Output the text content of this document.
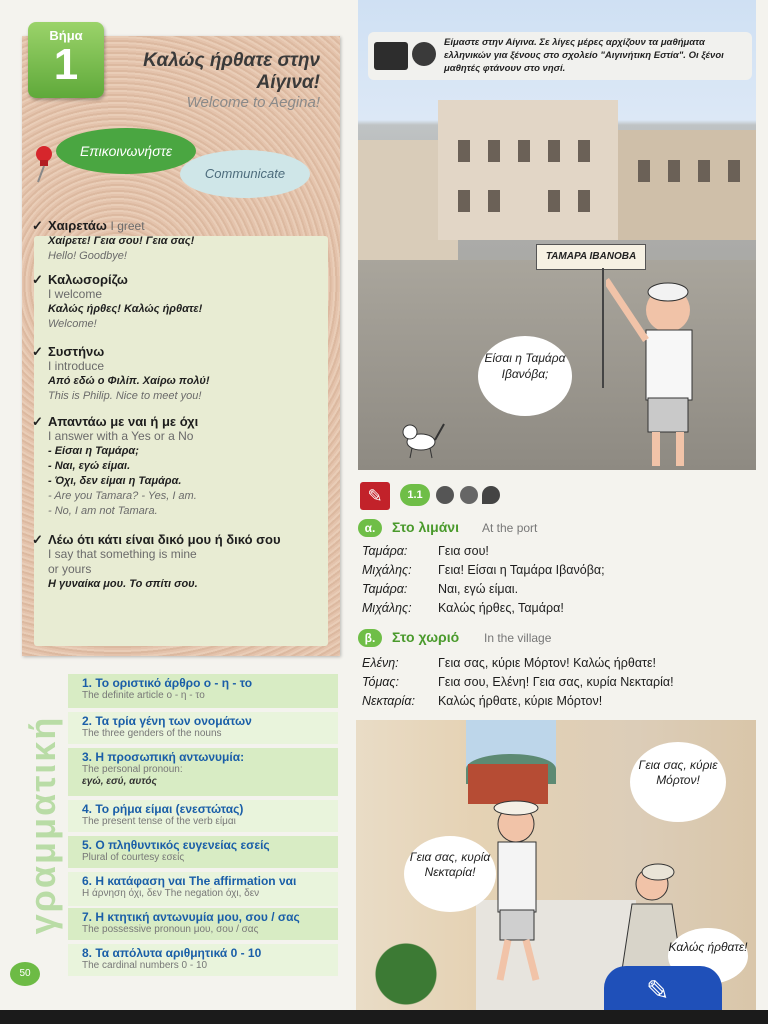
Βήμα
1	Καλώς ήρθατε στην Αίγινα!
Welcome to Aegina!
Επικοινωνήστε
Communicate
✓ Χαιρετάω I greet
Χαίρετε! Γεια σου! Γεια σας!
Hello! Goodbye!
✓ Καλωσορίζω
I welcome
Καλώς ήρθες! Καλώς ήρθατε!
Welcome!
✓ Συστήνω
I introduce
Από εδώ ο Φιλίπ. Χαίρω πολύ!
This is Philip. Nice to meet you!
✓ Απαντάω με ναι ή με όχι
I answer with a Yes or a No
- Είσαι η Ταμάρα;
- Ναι, εγώ είμαι.
- Όχι, δεν είμαι η Ταμάρα.
- Are you Tamara? - Yes, I am.
- No, I am not Tamara.
✓ Λέω ότι κάτι είναι δικό μου ή δικό σου
I say that something is mine
or yours
Η γυναίκα μου. Το σπίτι σου.
γραμματική
50
1. Το οριστικό άρθρο ο - η - το
The definite article ο - η - το
2. Τα τρία γένη των ονομάτων
The three genders of the nouns
3. Η προσωπική αντωνυμία:
The personal pronoun:
εγώ, εσύ, αυτός
4. Το ρήμα είμαι (ενεστώτας)
The present tense of the verb είμαι
5. Ο πληθυντικός ευγενείας εσείς
Plural of courtesy εσείς
6. Η κατάφαση ναι The affirmation ναι
Η άρνηση όχι, δεν The negation όχι, δεν
7. Η κτητική αντωνυμία μου, σου / σας
The possessive pronoun μου, σου / σας
8. Τα απόλυτα αριθμητικά 0 - 10
The cardinal numbers 0 - 10
Είμαστε στην Αίγινα. Σε λίγες μέρες αρχίζουν τα μαθήματα ελληνικών για ξένους στο σχολείο "Αιγινήτικη Εστία". Οι ξένοι μαθητές φτάνουν στο νησί.
ΤΑΜΑΡΑ ΙΒΑΝΟΒΑ
Είσαι η Ταμάρα Ιβανόβα;
✎	1.1
α.	Στο λιμάνι At the port
Ταμάρα: Γεια σου!
Μιχάλης: Γεια! Είσαι η Ταμάρα Ιβανόβα;
Ταμάρα: Ναι, εγώ είμαι.
Μιχάλης: Καλώς ήρθες, Ταμάρα!
β.	Στο χωριό In the village
Ελένη:	Γεια σας, κύριε Μόρτον! Καλώς ήρθατε!
Τόμας:	Γεια σου, Ελένη! Γεια σας, κυρία Νεκταρία!
Νεκταρία: Καλώς ήρθατε, κύριε Μόρτον!
Γεια σας, κυρία Νεκταρία!
Γεια σας, κύριε Μόρτον!
Καλώς ήρθατε!
✎
